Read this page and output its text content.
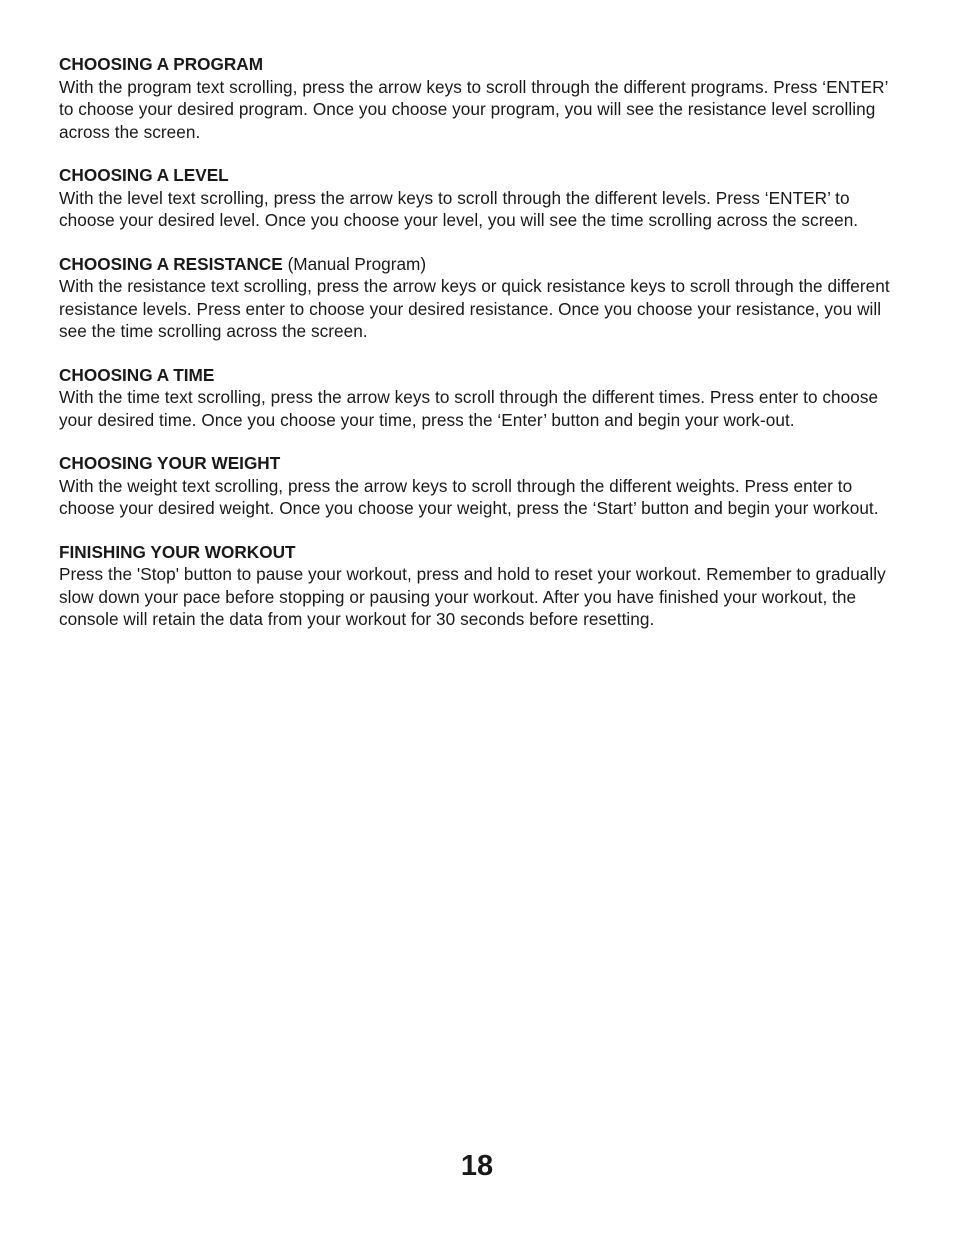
CHOOSING A PROGRAM

With the program text scrolling, press the arrow keys to scroll through the different programs. Press ‘ENTER’ to choose your desired program. Once you choose your program, you will see the resistance level scrolling across the screen.

CHOOSING A LEVEL

With the level text scrolling, press the arrow keys to scroll through the different levels. Press ‘ENTER’ to choose your desired level. Once you choose your level, you will see the time scrolling across the screen.

CHOOSING A RESISTANCE (Manual Program)

With the resistance text scrolling, press the arrow keys or quick resistance keys to scroll through the different resistance levels. Press enter to choose your desired resistance. Once you choose your resistance, you will see the time scrolling across the screen.

CHOOSING A TIME

With the time text scrolling, press the arrow keys to scroll through the different times. Press enter to choose your desired time. Once you choose your time, press the ‘Enter’ button and begin your work-out.

CHOOSING YOUR WEIGHT

With the weight text scrolling, press the arrow keys to scroll through the different weights. Press enter to choose your desired weight. Once you choose your weight, press the ‘Start’ button and begin your workout.

FINISHING YOUR WORKOUT

Press the 'Stop' button to pause your workout, press and hold to reset your workout. Remember to gradually slow down your pace before stopping or pausing your workout. After you have finished your workout, the console will retain the data from your workout for 30 seconds before resetting.

18
